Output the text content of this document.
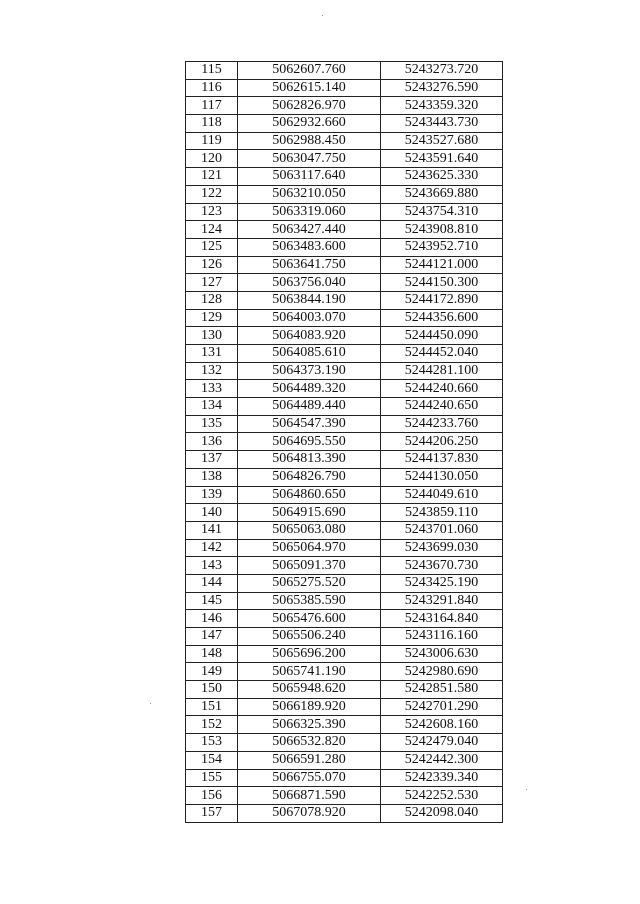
115	5062607.760	5243273.720
116	5062615.140	5243276.590
117	5062826.970	5243359.320
118	5062932.660	5243443.730
119	5062988.450	5243527.680
120	5063047.750	5243591.640
121	5063117.640	5243625.330
122	5063210.050	5243669.880
123	5063319.060	5243754.310
124	5063427.440	5243908.810
125	5063483.600	5243952.710
126	5063641.750	5244121.000
127	5063756.040	5244150.300
128	5063844.190	5244172.890
129	5064003.070	5244356.600
130	5064083.920	5244450.090
131	5064085.610	5244452.040
132	5064373.190	5244281.100
133	5064489.320	5244240.660
134	5064489.440	5244240.650
135	5064547.390	5244233.760
136	5064695.550	5244206.250
137	5064813.390	5244137.830
138	5064826.790	5244130.050
139	5064860.650	5244049.610
140	5064915.690	5243859.110
141	5065063.080	5243701.060
142	5065064.970	5243699.030
143	5065091.370	5243670.730
144	5065275.520	5243425.190
145	5065385.590	5243291.840
146	5065476.600	5243164.840
147	5065506.240	5243116.160
148	5065696.200	5243006.630
149	5065741.190	5242980.690
150	5065948.620	5242851.580
151	5066189.920	5242701.290
152	5066325.390	5242608.160
153	5066532.820	5242479.040
154	5066591.280	5242442.300
155	5066755.070	5242339.340
156	5066871.590	5242252.530
157	5067078.920	5242098.040
